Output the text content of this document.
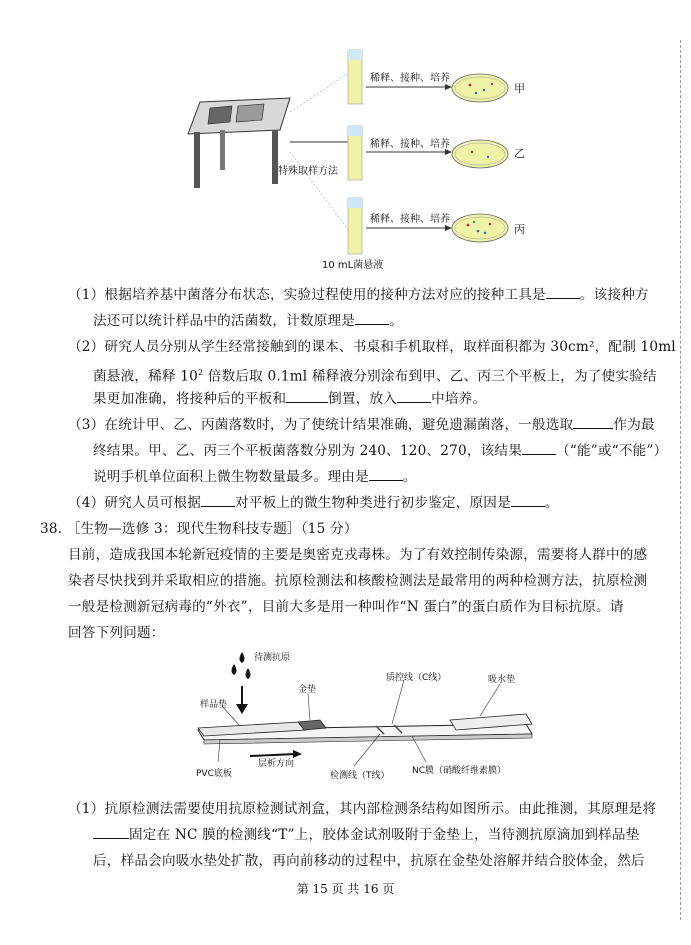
特殊取样方法
稀释、接种、培养
稀释、接种、培养
稀释、接种、培养
甲
乙
丙
10 mL菌悬液
（1）根据培养基中菌落分布状态，实验过程使用的接种方法对应的接种工具是	。该接种方
法还可以统计样品中的活菌数，计数原理是	。
（2）研究人员分别从学生经常接触到的课本、书桌和手机取样，取样面积都为 30cm²，配制 10ml
菌悬液，稀释 $10^2$ 倍数后取 0.1ml 稀释液分别涂布到甲、乙、丙三个平板上，为了使实验结
果更加准确，将接种后的平板和	倒置，放入	中培养。
（3）在统计甲、乙、丙菌落数时，为了使统计结果准确，避免遗漏菌落，一般选取	作为最
终结果。甲、乙、丙三个平板菌落数分别为 240、120、270，该结果	（“能”或“不能”）
说明手机单位面积上微生物数量最多。理由是	。
（4）研究人员可根据	对平板上的微生物种类进行初步鉴定，原因是	。
38. ［生物—选修 3：现代生物科技专题］（15 分）
目前，造成我国本轮新冠疫情的主要是奥密克戎毒株。为了有效控制传染源，需要将人群中的感
染者尽快找到并采取相应的措施。抗原检测法和核酸检测法是最常用的两种检测方法，抗原检测
一般是检测新冠病毒的“外衣”，目前大多是用一种叫作“N 蛋白”的蛋白质作为目标抗原。请
回答下列问题：
待测抗原
样品垫
金垫
质控线（C线）	吸水垫
PVC底板
层析方向
检测线（T线）	NC膜（硝酸纤维素膜）
（1）抗原检测法需要使用抗原检测试剂盒，其内部检测条结构如图所示。由此推测，其原理是将
固定在 NC 膜的检测线“T”上，胶体金试剂吸附于金垫上，当待测抗原滴加到样品垫
后，样品会向吸水垫处扩散，再向前移动的过程中，抗原在金垫处溶解并结合胶体金，然后
第 15 页 共 16 页
